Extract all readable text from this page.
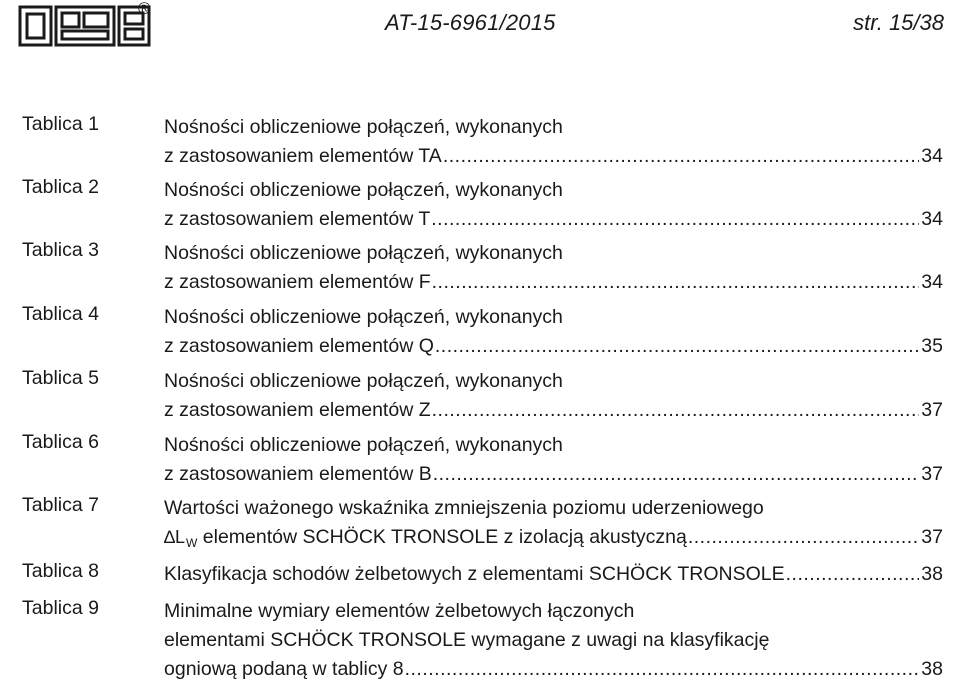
®
AT-15-6961/2015	str. 15/38
Tablica 1	Nośności obliczeniowe połączeń, wykonanych
z zastosowaniem elementów TA .....	34
Tablica 2	Nośności obliczeniowe połączeń, wykonanych
z zastosowaniem elementów T .....	34
Tablica 3	Nośności obliczeniowe połączeń, wykonanych
z zastosowaniem elementów F .....	34
Tablica 4	Nośności obliczeniowe połączeń, wykonanych
z zastosowaniem elementów Q .....	35
Tablica 5	Nośności obliczeniowe połączeń, wykonanych
z zastosowaniem elementów Z .....	37
Tablica 6	Nośności obliczeniowe połączeń, wykonanych
z zastosowaniem elementów B .....	37
Tablica 7	Wartości ważonego wskaźnika zmniejszenia poziomu uderzeniowego
$\Delta L_W$ elementów SCHÖCK TRONSOLE z izolacją akustyczną .....	37
Tablica 8	Klasyfikacja schodów żelbetowych z elementami SCHÖCK TRONSOLE .....	38
Tablica 9	Minimalne wymiary elementów żelbetowych łączonych
elementami SCHÖCK TRONSOLE wymagane z uwagi na klasyfikację
ogniową podaną w tablicy 8 .....	38
